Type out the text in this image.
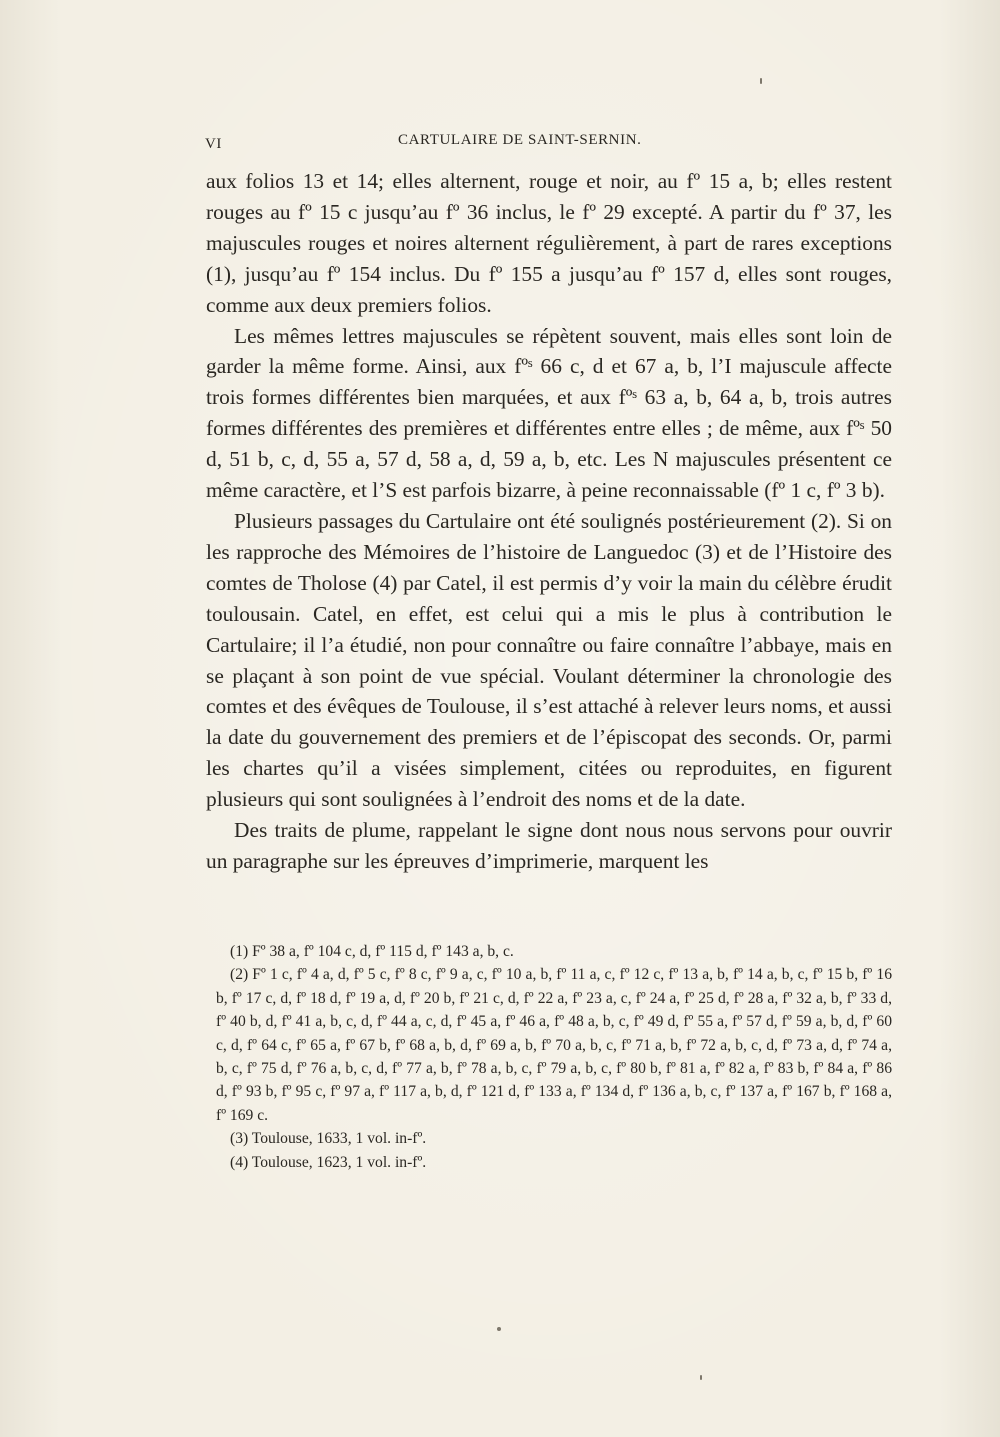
VI	CARTULAIRE DE SAINT-SERNIN.

aux folios 13 et 14; elles alternent, rouge et noir, au fº 15 a, b; elles restent rouges au fº 15 c jusqu’au fº 36 inclus, le fº 29 excepté. A partir du fº 37, les majuscules rouges et noires alternent régulièrement, à part de rares exceptions (1), jusqu’au fº 154 inclus. Du fº 155 a jusqu’au fº 157 d, elles sont rouges, comme aux deux premiers folios.

Les mêmes lettres majuscules se répètent souvent, mais elles sont loin de garder la même forme. Ainsi, aux fºˢ 66 c, d et 67 a, b, l’I majuscule affecte trois formes différentes bien marquées, et aux fºˢ 63 a, b, 64 a, b, trois autres formes différentes des premières et différentes entre elles ; de même, aux fºˢ 50 d, 51 b, c, d, 55 a, 57 d, 58 a, d, 59 a, b, etc. Les N majuscules présentent ce même caractère, et l’S est parfois bizarre, à peine reconnaissable (fº 1 c, fº 3 b).

Plusieurs passages du Cartulaire ont été soulignés postérieurement (2). Si on les rapproche des Mémoires de l’histoire de Languedoc (3) et de l’Histoire des comtes de Tholose (4) par Catel, il est permis d’y voir la main du célèbre érudit toulousain. Catel, en effet, est celui qui a mis le plus à contribution le Cartulaire; il l’a étudié, non pour connaître ou faire connaître l’abbaye, mais en se plaçant à son point de vue spécial. Voulant déterminer la chronologie des comtes et des évêques de Toulouse, il s’est attaché à relever leurs noms, et aussi la date du gouvernement des premiers et de l’épiscopat des seconds. Or, parmi les chartes qu’il a visées simplement, citées ou reproduites, en figurent plusieurs qui sont soulignées à l’endroit des noms et de la date.

Des traits de plume, rappelant le signe dont nous nous servons pour ouvrir un paragraphe sur les épreuves d’imprimerie, marquent les

(1) Fº 38 a, fº 104 c, d, fº 115 d, fº 143 a, b, c.

(2) Fº 1 c, fº 4 a, d, fº 5 c, fº 8 c, fº 9 a, c, fº 10 a, b, fº 11 a, c, fº 12 c, fº 13 a, b, fº 14 a, b, c, fº 15 b, fº 16 b, fº 17 c, d, fº 18 d, fº 19 a, d, fº 20 b, fº 21 c, d, fº 22 a, fº 23 a, c, fº 24 a, fº 25 d, fº 28 a, fº 32 a, b, fº 33 d, fº 40 b, d, fº 41 a, b, c, d, fº 44 a, c, d, fº 45 a, fº 46 a, fº 48 a, b, c, fº 49 d, fº 55 a, fº 57 d, fº 59 a, b, d, fº 60 c, d, fº 64 c, fº 65 a, fº 67 b, fº 68 a, b, d, fº 69 a, b, fº 70 a, b, c, fº 71 a, b, fº 72 a, b, c, d, fº 73 a, d, fº 74 a, b, c, fº 75 d, fº 76 a, b, c, d, fº 77 a, b, fº 78 a, b, c, fº 79 a, b, c, fº 80 b, fº 81 a, fº 82 a, fº 83 b, fº 84 a, fº 86 d, fº 93 b, fº 95 c, fº 97 a, fº 117 a, b, d, fº 121 d, fº 133 a, fº 134 d, fº 136 a, b, c, fº 137 a, fº 167 b, fº 168 a, fº 169 c.

(3) Toulouse, 1633, 1 vol. in-fº.

(4) Toulouse, 1623, 1 vol. in-fº.
